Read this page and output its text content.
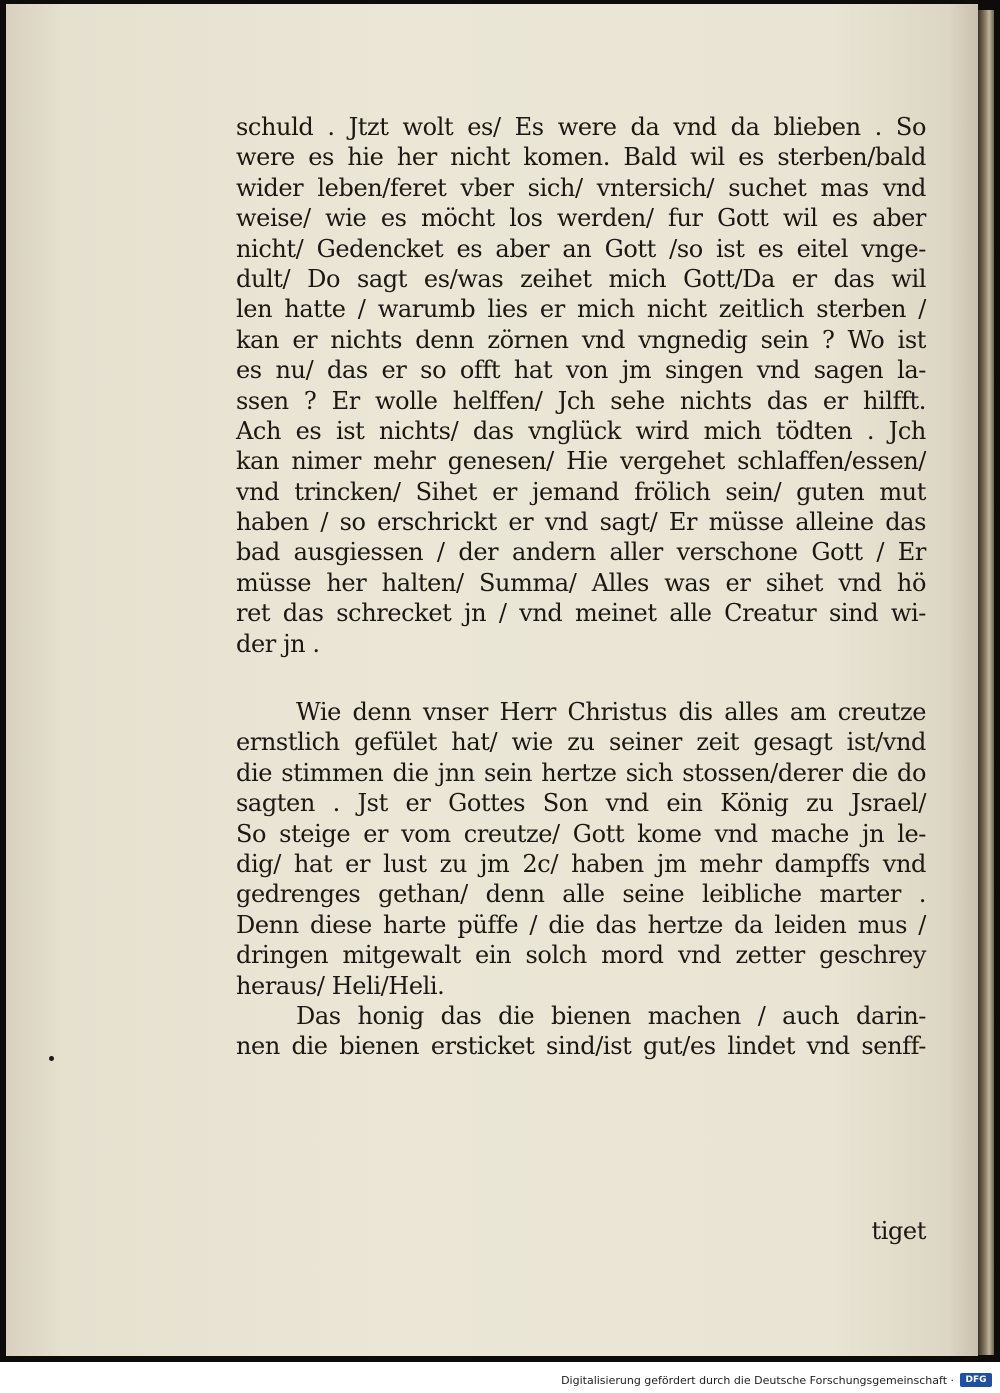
schuld . Jtzt wolt es/ Es were da vnd da blieben . So
were es hie her nicht komen. Bald wil es sterben/bald
wider leben/feret vber sich/ vntersich/ suchet mas vnd
weise/ wie es möcht los werden/ fur Gott wil es aber
nicht/ Gedencket es aber an Gott /so ist es eitel vnge-
dult/ Do sagt es/was zeihet mich Gott/Da er das wil
len hatte / warumb lies er mich nicht zeitlich sterben /
kan er nichts denn zörnen vnd vngnedig sein ? Wo ist
es nu/ das er so offt hat von jm singen vnd sagen la-
ssen ? Er wolle helffen/ Jch sehe nichts das er hilfft.
Ach es ist nichts/ das vnglück wird mich tödten . Jch
kan nimer mehr genesen/ Hie vergehet schlaffen/essen/
vnd trincken/ Sihet er jemand frölich sein/ guten mut
haben / so erschrickt er vnd sagt/ Er müsse alleine das
bad ausgiessen / der andern aller verschone Gott / Er
müsse her halten/ Summa/ Alles was er sihet vnd hö
ret das schrecket jn / vnd meinet alle Creatur sind wi-
der jn .
Wie denn vnser Herr Christus dis alles am creutze
ernstlich gefület hat/ wie zu seiner zeit gesagt ist/vnd
die stimmen die jnn sein hertze sich stossen/derer die do
sagten . Jst er Gottes Son vnd ein König zu Jsrael/
So steige er vom creutze/ Gott kome vnd mache jn le-
dig/ hat er lust zu jm 2c/ haben jm mehr dampffs vnd
gedrenges gethan/ denn alle seine leibliche marter .
Denn diese harte püffe / die das hertze da leiden mus /
dringen mitgewalt ein solch mord vnd zetter geschrey
heraus/ Heli/Heli.
Das honig das die bienen machen / auch darin-
nen die bienen ersticket sind/ist gut/es lindet vnd senff-
tiget
Digitalisierung gefördert durch die Deutsche Forschungsgemeinschaft ·	DFG
